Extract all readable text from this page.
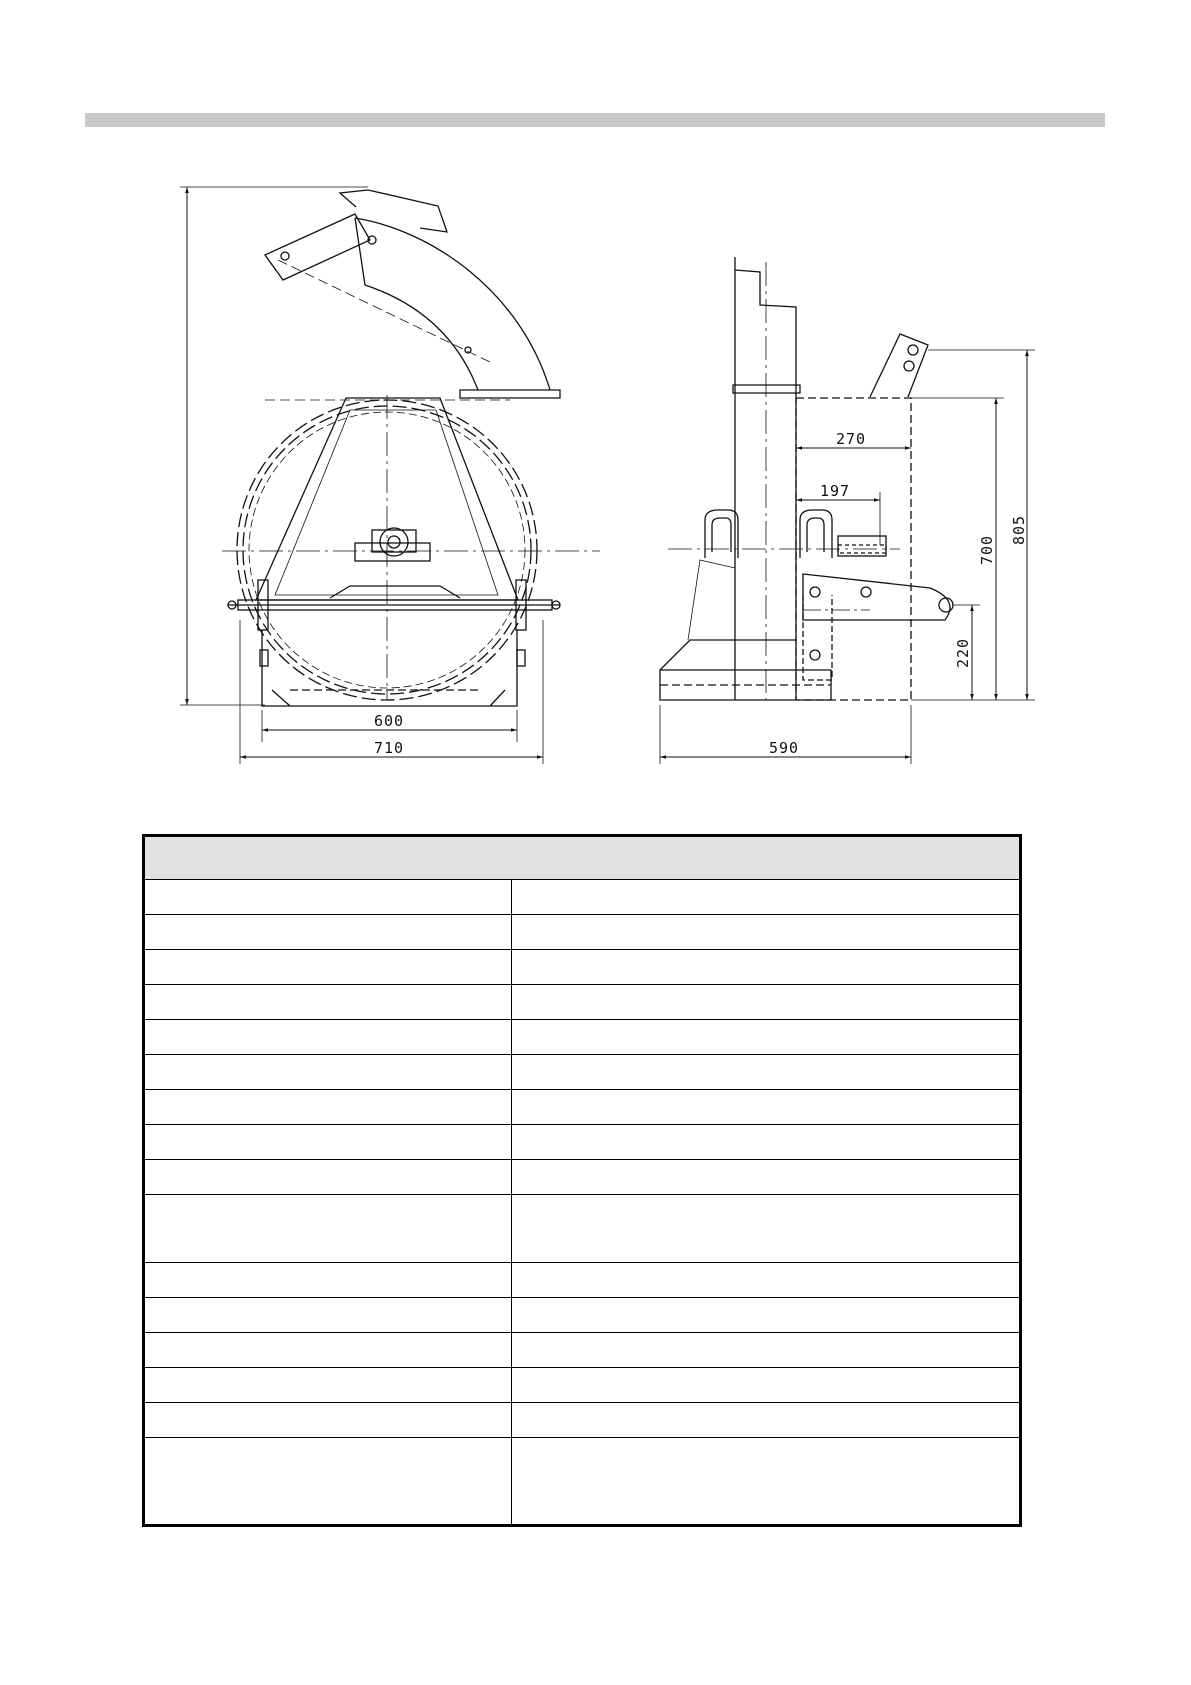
600
710
270
197
590
700
805
220
